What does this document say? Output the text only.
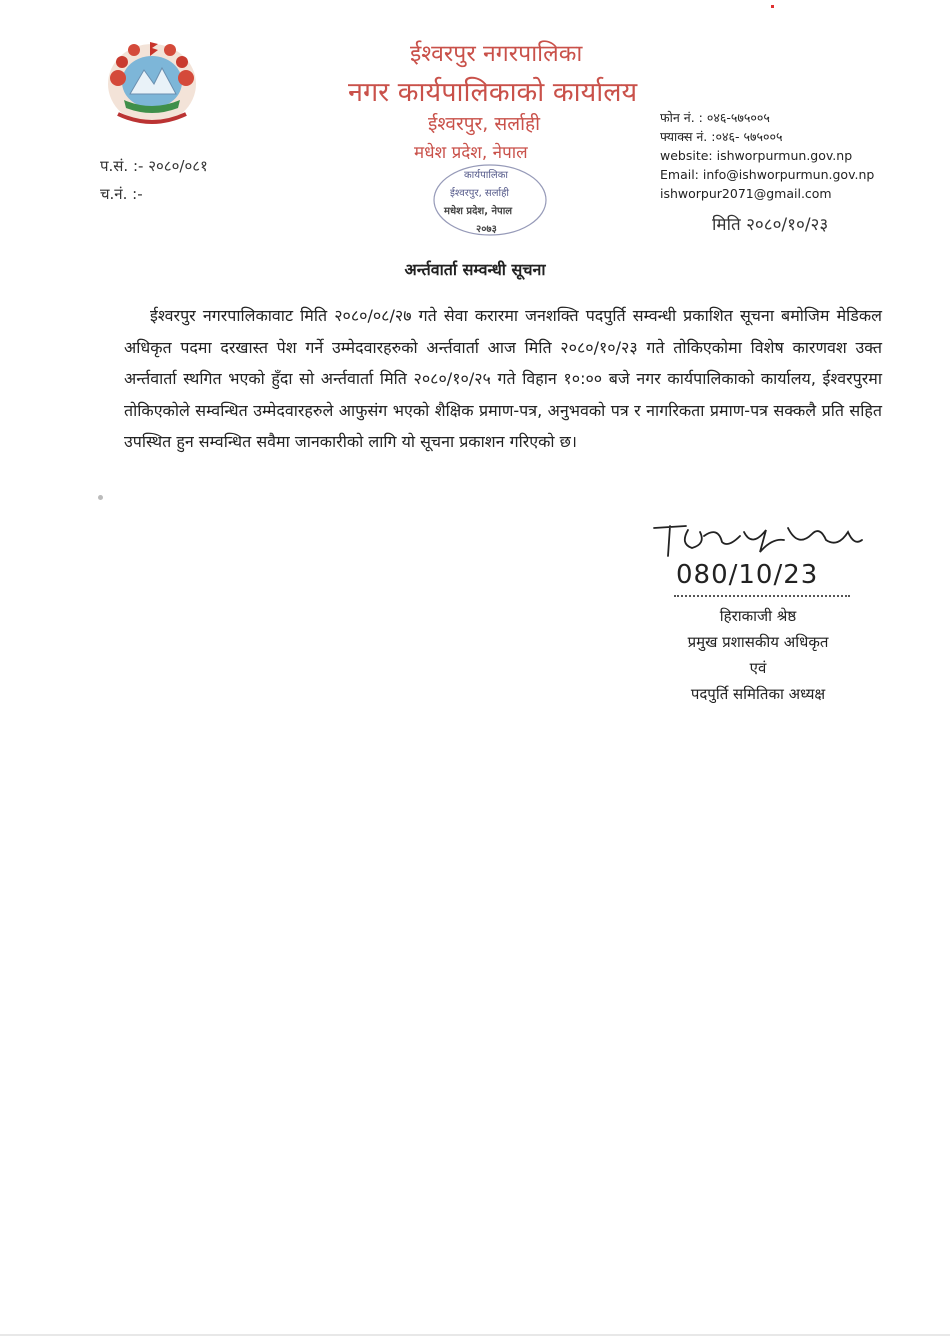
ईश्वरपुर नगरपालिका
नगर कार्यपालिकाको कार्यालय
ईश्वरपुर, सर्लाही
मधेश प्रदेश, नेपाल
फोन नं. : ०४६-५७५००५
फ्याक्स नं. :०४६- ५७५००५
website: ishworpurmun.gov.np
Email: info@ishworpurmun.gov.np
ishworpur2071@gmail.com
प.सं. :- २०८०/०८१
च.नं. :-
कार्यपालिका
ईश्वरपुर, सर्लाही
मधेश प्रदेश, नेपाल
२०७३	मिति २०८०/१०/२३
अर्न्तवार्ता सम्वन्धी सूचना
ईश्वरपुर नगरपालिकावाट मिति २०८०/०८/२७ गते सेवा करारमा जनशक्ति पदपुर्ति सम्वन्धी प्रकाशित सूचना बमोजिम मेडिकल अधिकृत पदमा दरखास्त पेश गर्ने उम्मेदवारहरुको अर्न्तवार्ता आज मिति २०८०/१०/२३ गते तोकिएकोमा विशेष कारणवश उक्त अर्न्तवार्ता स्थगित भएको हुँदा सो अर्न्तवार्ता मिति २०८०/१०/२५ गते विहान १०:०० बजे नगर कार्यपालिकाको कार्यालय, ईश्वरपुरमा तोकिएकोले सम्वन्धित उम्मेदवारहरुले आफुसंग भएको शैक्षिक प्रमाण-पत्र, अनुभवको पत्र र नागरिकता प्रमाण-पत्र सक्कलै प्रति सहित उपस्थित हुन सम्वन्धित सवैमा जानकारीको लागि यो सूचना प्रकाशन गरिएको छ।
080/10/23
हिराकाजी श्रेष्ठ
प्रमुख प्रशासकीय अधिकृत
एवं
पदपुर्ति समितिका अध्यक्ष
